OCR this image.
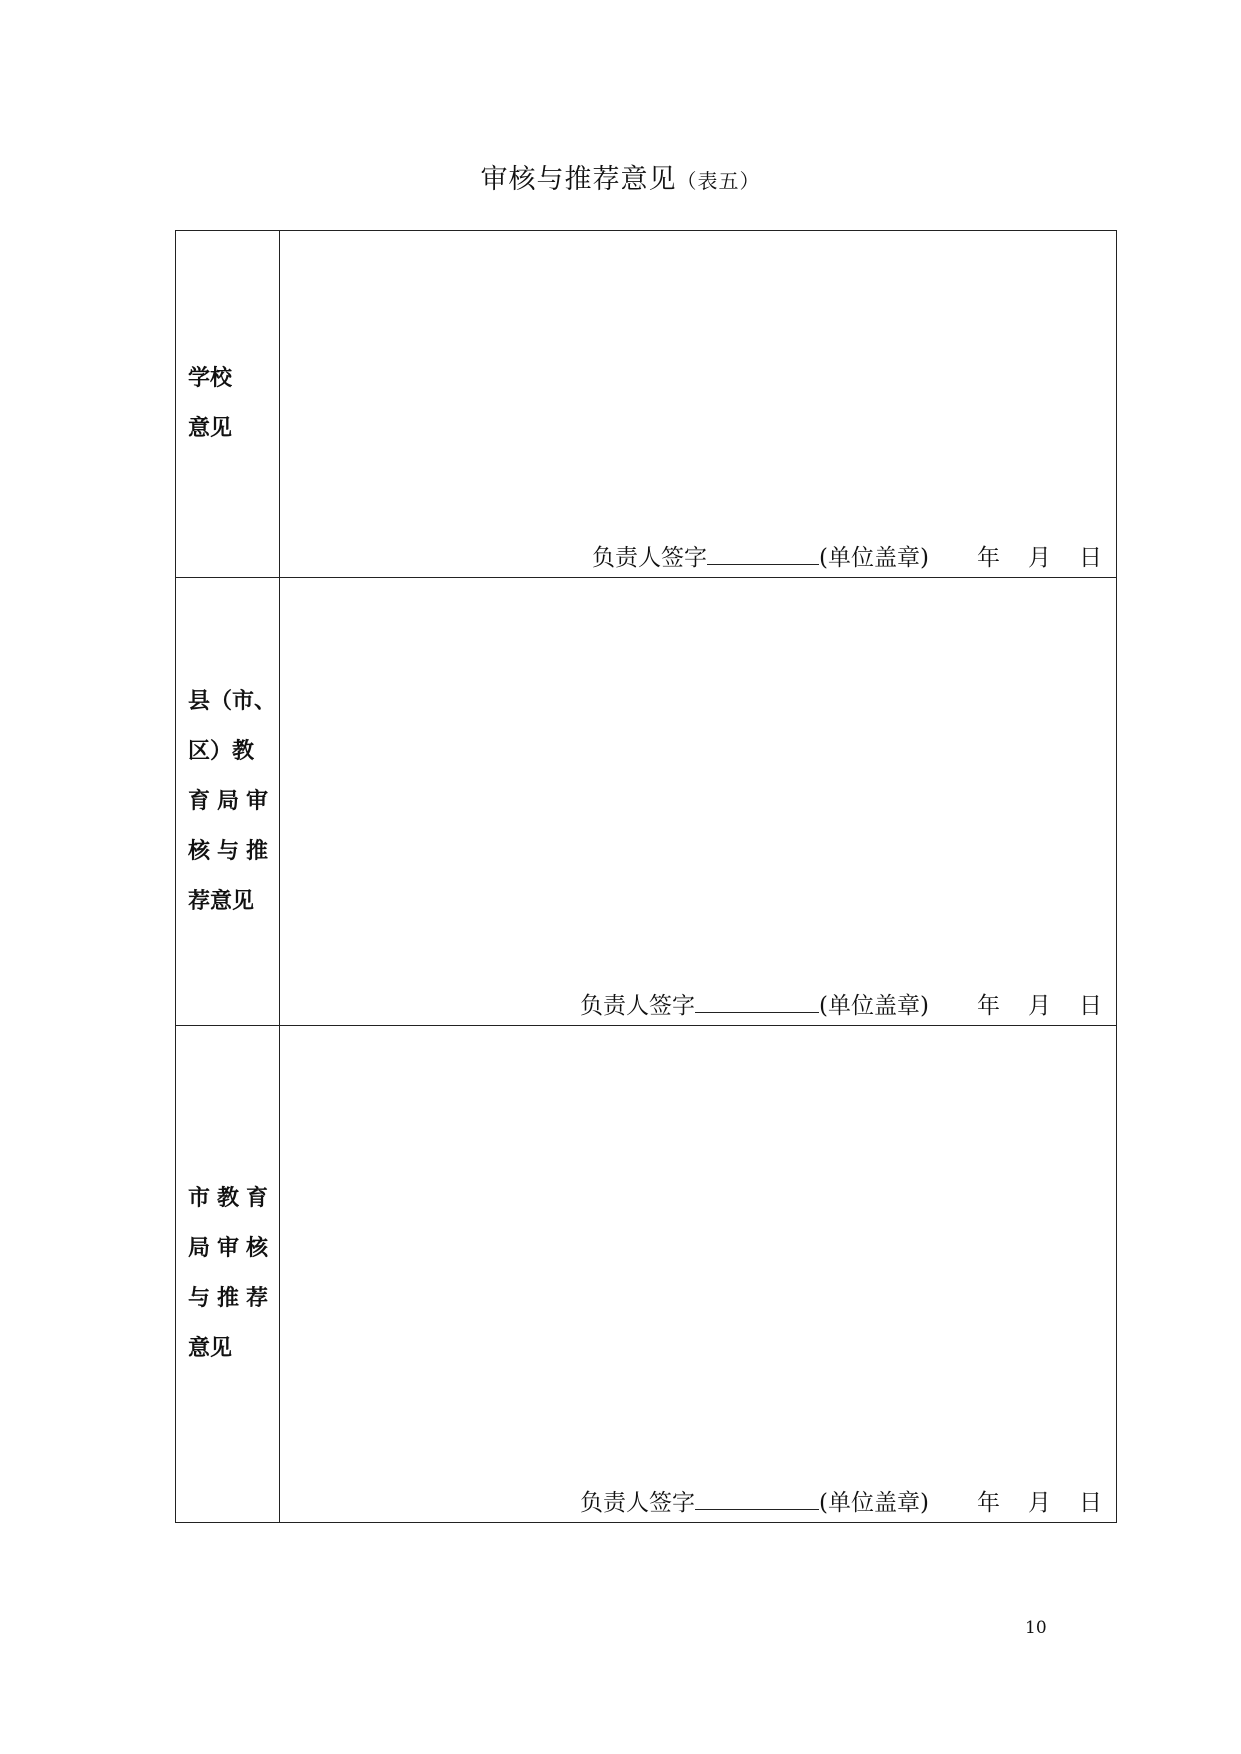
审核与推荐意见（表五）
学校
意见	负责人签字 (单位盖章) 年 月 日

县（市、
区）教
育局审
核与推
荐意见	负责人签字 (单位盖章) 年 月 日

市教育
局审核
与推荐
意见	负责人签字 (单位盖章) 年 月 日
10
